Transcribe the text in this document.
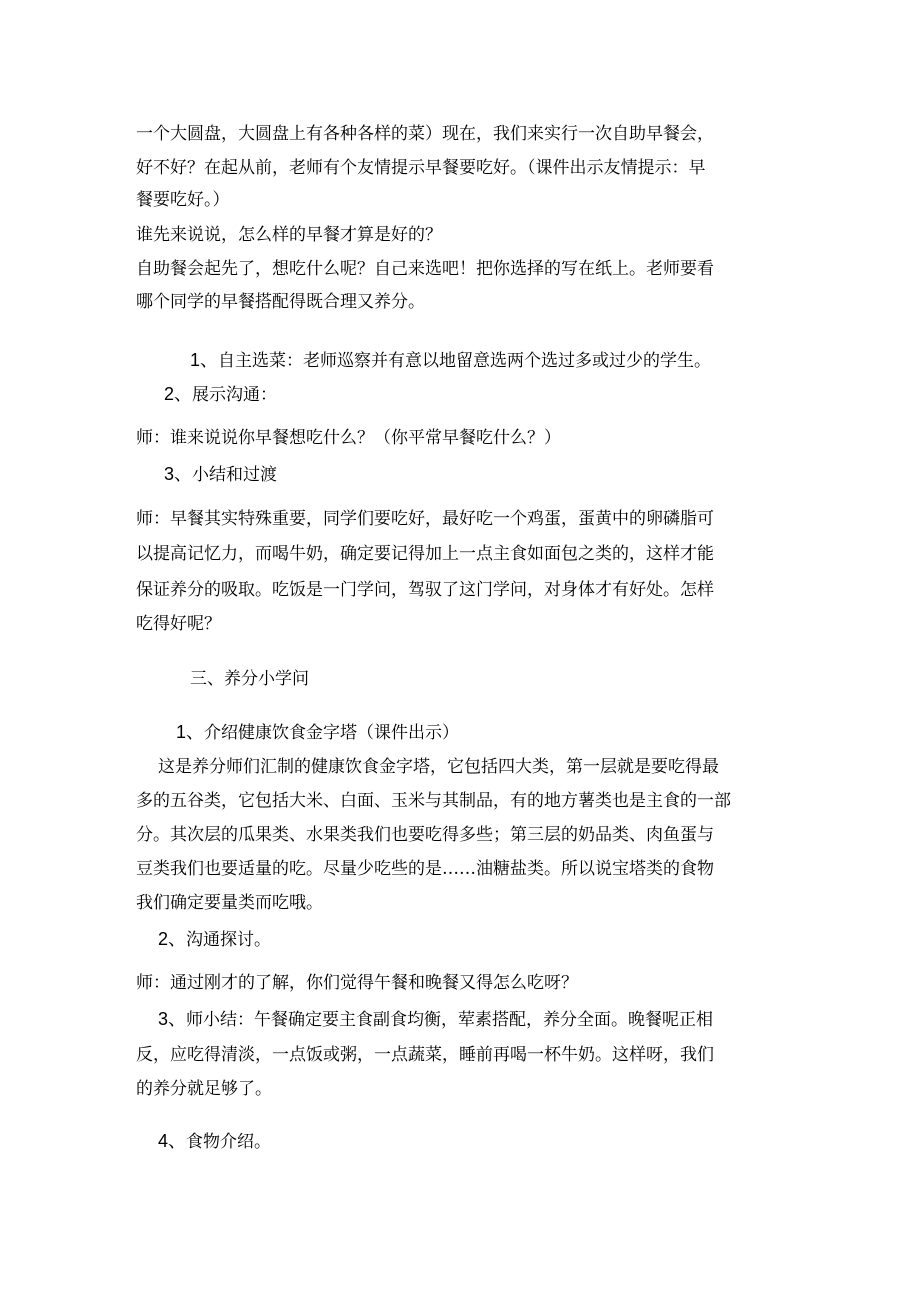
一个大圆盘，大圆盘上有各种各样的菜）现在，我们来实行一次自助早餐会，
好不好？在起从前，老师有个友情提示早餐要吃好。（课件出示友情提示：早
餐要吃好。）
谁先来说说，怎么样的早餐才算是好的？
自助餐会起先了，想吃什么呢？自己来选吧！把你选择的写在纸上。老师要看
哪个同学的早餐搭配得既合理又养分。
1、自主选菜：老师巡察并有意以地留意选两个选过多或过少的学生。
2、展示沟通：
师：谁来说说你早餐想吃什么？（你平常早餐吃什么？）
3、小结和过渡
师：早餐其实特殊重要，同学们要吃好，最好吃一个鸡蛋，蛋黄中的卵磷脂可
以提高记忆力，而喝牛奶，确定要记得加上一点主食如面包之类的，这样才能
保证养分的吸取。吃饭是一门学问，驾驭了这门学问，对身体才有好处。怎样
吃得好呢？
三、养分小学问
1、介绍健康饮食金字塔（课件出示）
这是养分师们汇制的健康饮食金字塔，它包括四大类，第一层就是要吃得最
多的五谷类，它包括大米、白面、玉米与其制品，有的地方薯类也是主食的一部
分。其次层的瓜果类、水果类我们也要吃得多些；第三层的奶品类、肉鱼蛋与
豆类我们也要适量的吃。尽量少吃些的是……油糖盐类。所以说宝塔类的食物
我们确定要量类而吃哦。
2、沟通探讨。
师：通过刚才的了解，你们觉得午餐和晚餐又得怎么吃呀？
3、师小结：午餐确定要主食副食均衡，荤素搭配，养分全面。晚餐呢正相
反，应吃得清淡，一点饭或粥，一点蔬菜，睡前再喝一杯牛奶。这样呀，我们
的养分就足够了。
4、食物介绍。
